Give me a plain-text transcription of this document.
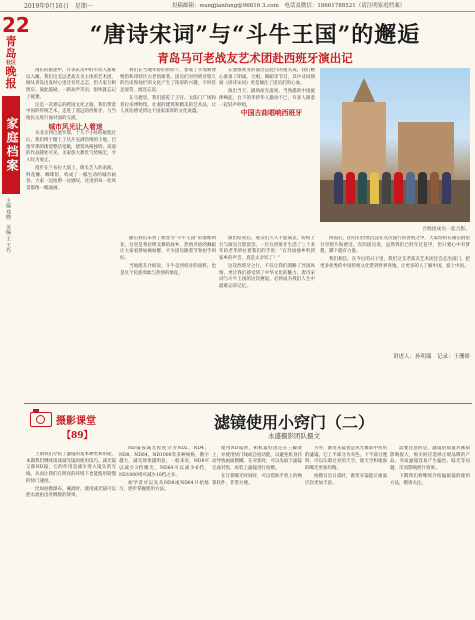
2019年9月16日　星期一	投稿邮箱：wangjianfang@96816 3.com　电话及微信：18661788521（请注明家庭档案）
22
青岛
社区
晚报
家庭档案
主编 郑晓　美编 王 王巧
“唐诗宋词”与“斗牛王国”的邂逅
青岛马可老战友艺术团赴西班牙演出记

漫长的旅途中，许多队员中的年轻人都难以入睡。我们这支以老战友为主体的艺术团，刚从青岛出发时心里还有些忐忑，但大家互相照应、彼此鼓励，一路欢声笑语，很快就忘记了疲惫。

这是一次难忘的跨国文化之旅。我们带着中国的传统艺术，走进了遥远的西班牙，与当地民众进行面对面的交流。

城市风光让人着迷

从北京到巴塞罗那，十几个小时的航程过后，我们终于踏上了这片充满热情的土地。巴塞罗那的街道整洁宽敞，建筑风格独特，高迪的作品随处可见，圣家族大教堂气势恢宏，令人叹为观止。

漫步在兰布拉大道上，街头艺人的表演、鲜花摊、咖啡馆，构成了一幅生动的城市画卷。大家一边拍照一边感叹，这里的每一处风景都像一幅油画。

我们在当地华侨的帮助下，参观了毕加索博物馆和哥特区古老的街巷。团员们对西班牙悠久的历史和灿烂的文化产生了浓厚的兴趣，不时驻足观赏，流连忘返。

在马德里，我们游览了王宫、太阳门广场和普拉多博物馆。壮观的建筑和精美的艺术品，让人真切感受到这个国家深厚的文化底蕴。

随后我们来到了被誉为“斗牛王国”的塞维利亚。这里是弗拉明戈舞的故乡，热情奔放的舞蹈让大家看得如痴如醉，不少团员跟着节奏拍手叫好。

当地朋友介绍说，斗牛是西班牙的国粹，也是这个民族勇敢与热情的象征。

在塞维利亚的演出是此行的重头戏。我们精心准备了朗诵、合唱、舞蹈等节目，其中诗词朗诵《唐诗宋词》更是倾注了团员们的心血。

演出当天，剧场座无虚席。当熟悉的中国旋律响起，台下的华侨华人激动不已，许多人跟着一起轻声哼唱。

中国古曲唱响西班牙

演出结束后，观众们久久不愿离去，纷纷上台与演员合影留念。一位在西班牙生活了三十多年的老华侨拉着我们的手说：“在异国他乡听到家乡的声音，真是太亲切了！”

这次西班牙之行，不仅让我们领略了异国风情，更让我们感受到了中华文化的魅力。唐诗宋词与斗牛王国的这次邂逅，必将成为我们人生中最难忘的记忆。

合唱团成员一起合影。

回国后，团员们仍然沉浸在这次旅行的喜悦之中，大家纷纷在微信群里分享照片和感受。有的团员说，虽然我们已经年过花甲，但只要心中有梦想，脚下就有力量。

我们相信，在今后的日子里，我们这支老战友艺术团还会走出国门，把更多优秀的中国传统文化带到世界各地，让更多的人了解中国、爱上中国。

讲述人：孙明瑞　记录：王珊娇
摄影课堂
【89】
滤镜使用小窍门（二）
永盛摄影团队摄文

上期我们介绍了滤镜的基本种类和用途，本期我们继续谈谈减光镜的使用技巧。减光镜又称ND镜，它的作用是减少进入镜头的光线，从而让我们在明亮的环境下也能使用较慢的快门速度。

比如拍摄瀑布、溪流时，使用减光镜可以把水流拍出丝绸般的效果。

ND镜按减光程度分为ND2、ND4、ND8、ND64、ND1000等多种规格，数字越大，减光效果越明显。一般来说，ND8可以减少3档曝光，ND64可以减少6档，ND1000则可减少10档之多。

初学者可以先从ND8或ND64开始练习，逐步掌握使用方法。

使用ND镜时，相机最好固定在三脚架上，并使用快门线或自拍功能，以避免机身抖动导致画面模糊。在对焦时，可以先取下滤镜完成对焦，再装上滤镜进行拍摄。

在计算曝光时间时，可以借助手机上的换算软件，非常方便。

另外，渐变灰镜也是风光摄影中常用的滤镜。它上半部分为灰色，下半部分透明，可以压暗过亮的天空，使天空和地面的曝光更加均衡。

拍摄日出日落时，渐变灰镜能让画面层次更加丰富。

需要注意的是，滤镜的质量对画质影响很大，购买时应选择正规品牌的产品。劣质滤镜容易产生偏色、眩光等问题，反而影响照片效果。

下期我们将继续介绍偏振镜的使用方法，敬请关注。
